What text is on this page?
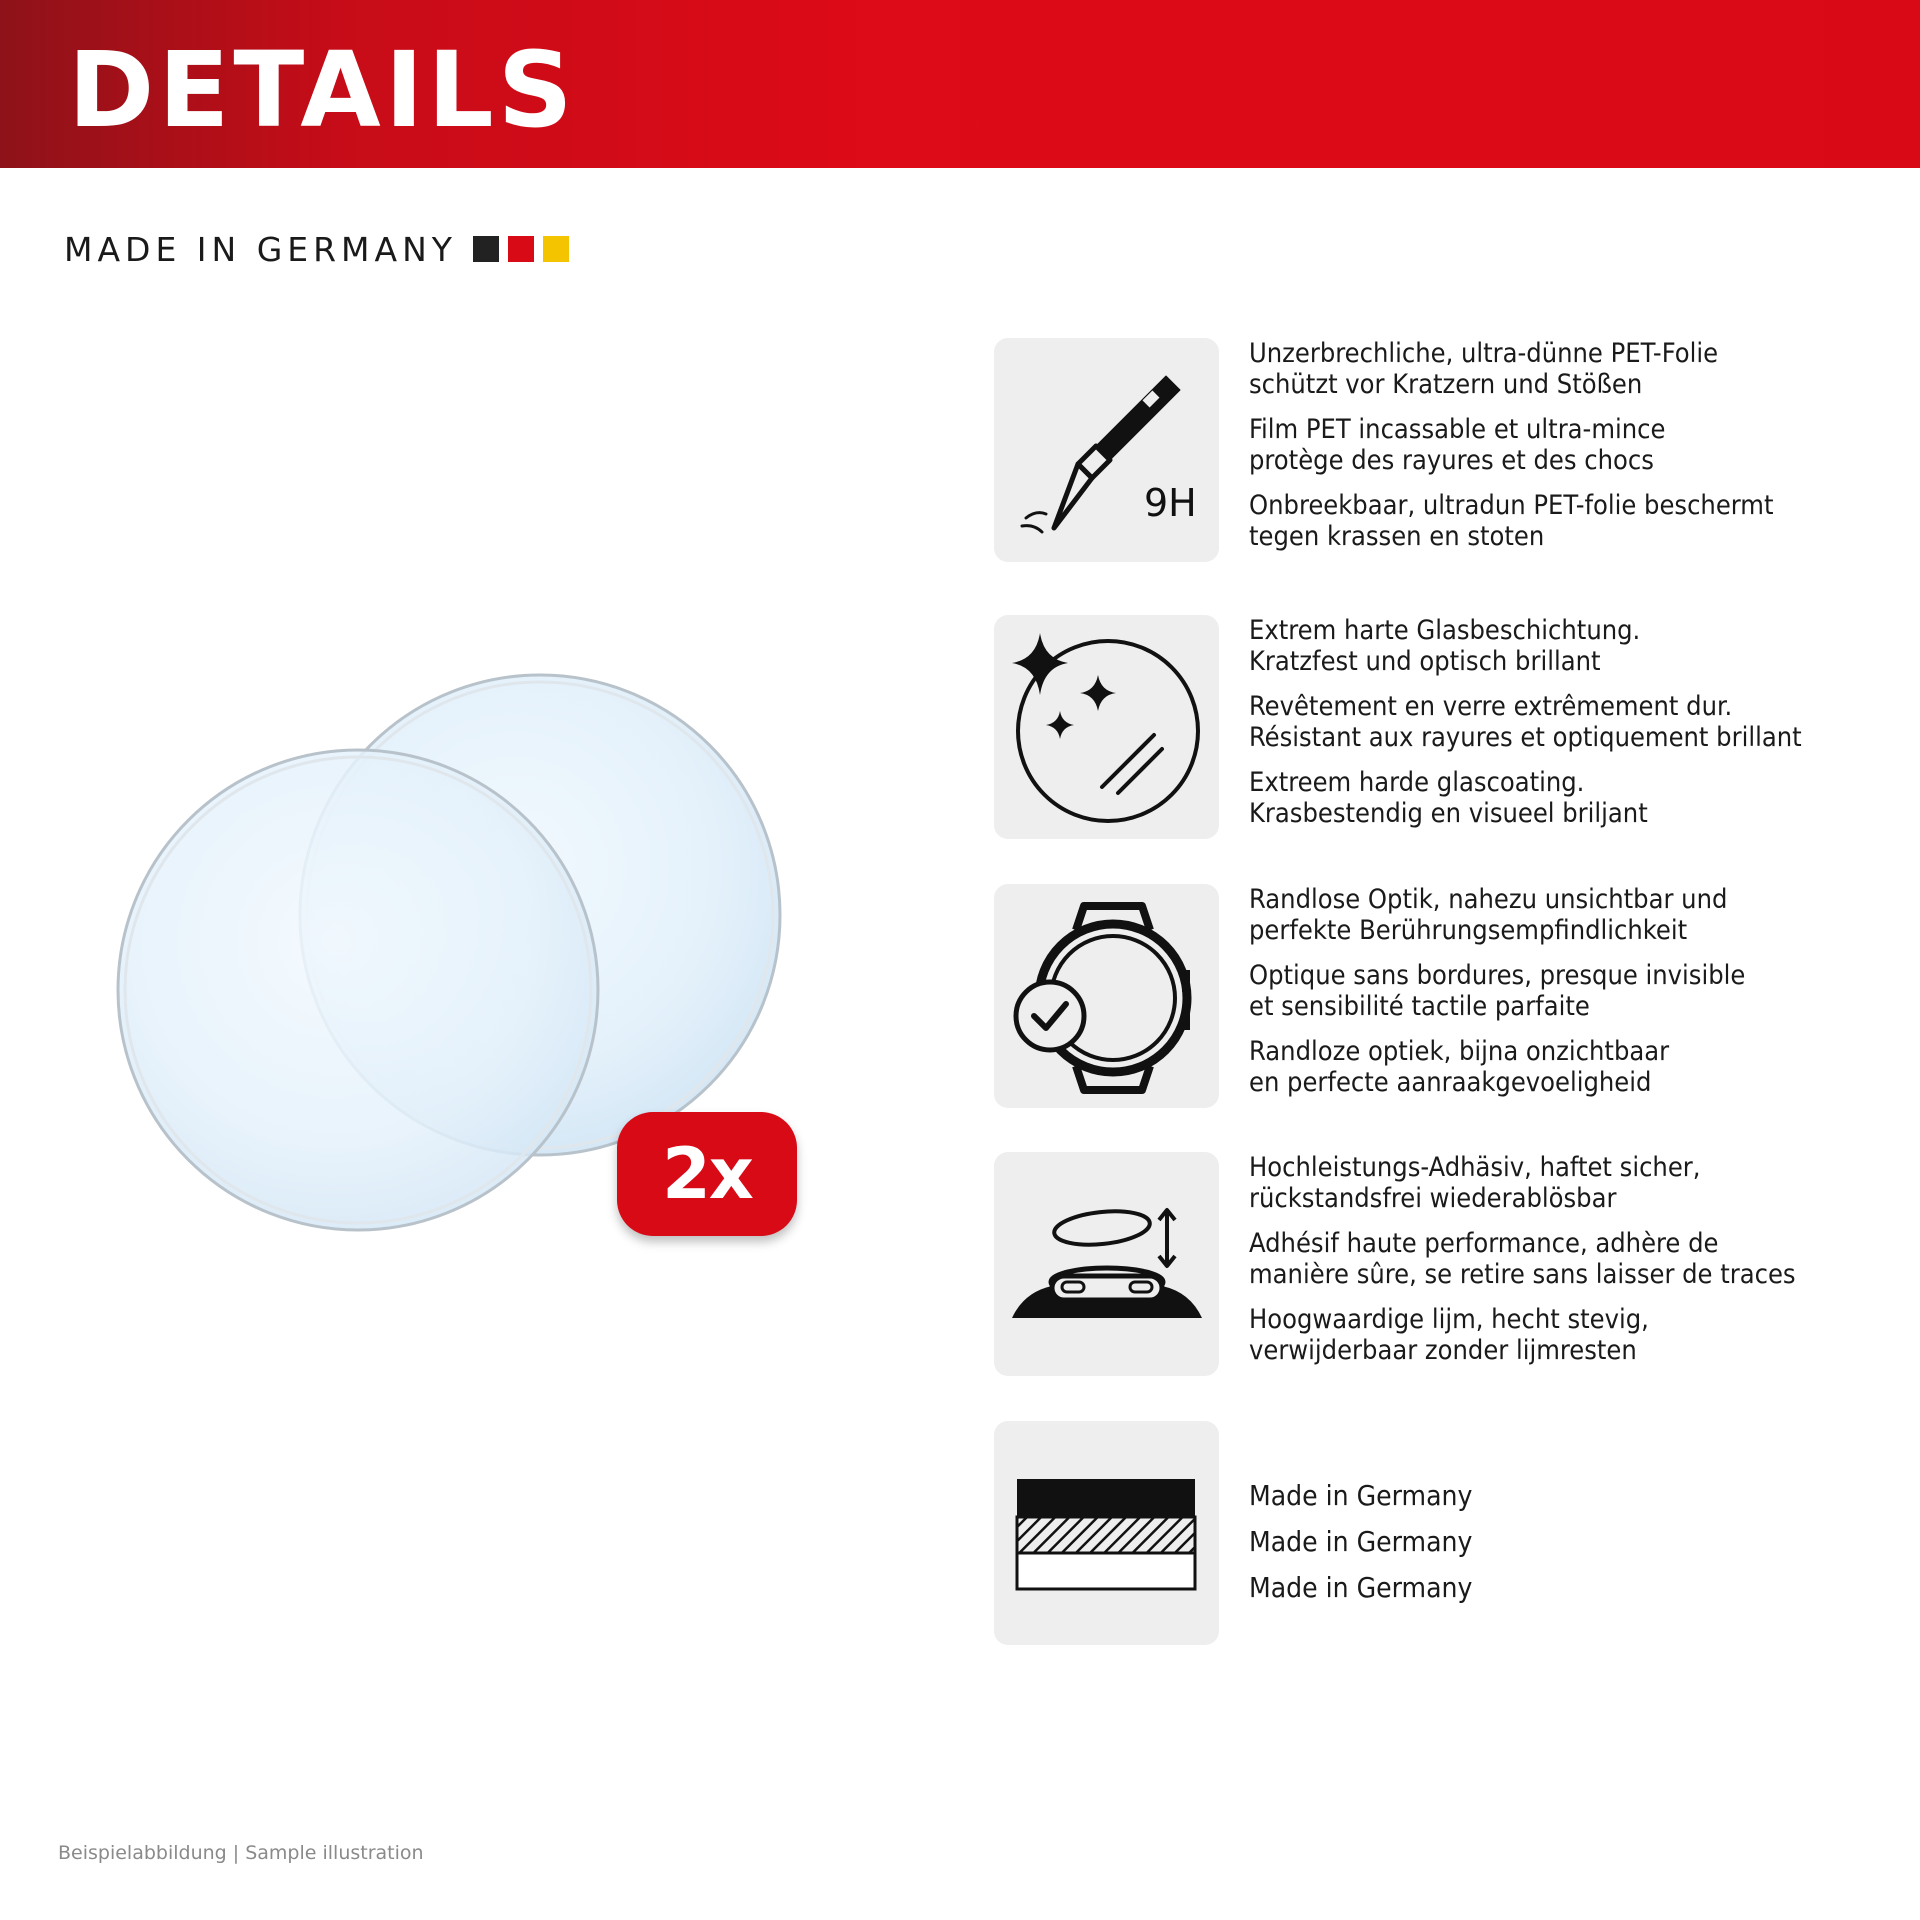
DETAILS
MADE IN GERMANY
2x
9H
Unzerbrechliche, ultra-dünne PET-Folie
schützt vor Kratzern und Stößen
Film PET incassable et ultra-mince
protège des rayures et des chocs
Onbreekbaar, ultradun PET-folie beschermt
tegen krassen en stoten
Extrem harte Glasbeschichtung.
Kratzfest und optisch brillant
Revêtement en verre extrêmement dur.
Résistant aux rayures et optiquement brillant
Extreem harde glascoating.
Krasbestendig en visueel briljant
Randlose Optik, nahezu unsichtbar und
perfekte Berührungsempfindlichkeit
Optique sans bordures, presque invisible
et sensibilité tactile parfaite
Randloze optiek, bijna onzichtbaar
en perfecte aanraakgevoeligheid
Hochleistungs-Adhäsiv, haftet sicher,
rückstandsfrei wiederablösbar
Adhésif haute performance, adhère de
manière sûre, se retire sans laisser de traces
Hoogwaardige lijm, hecht stevig,
verwijderbaar zonder lijmresten
Made in Germany
Made in Germany
Made in Germany
Beispielabbildung | Sample illustration
